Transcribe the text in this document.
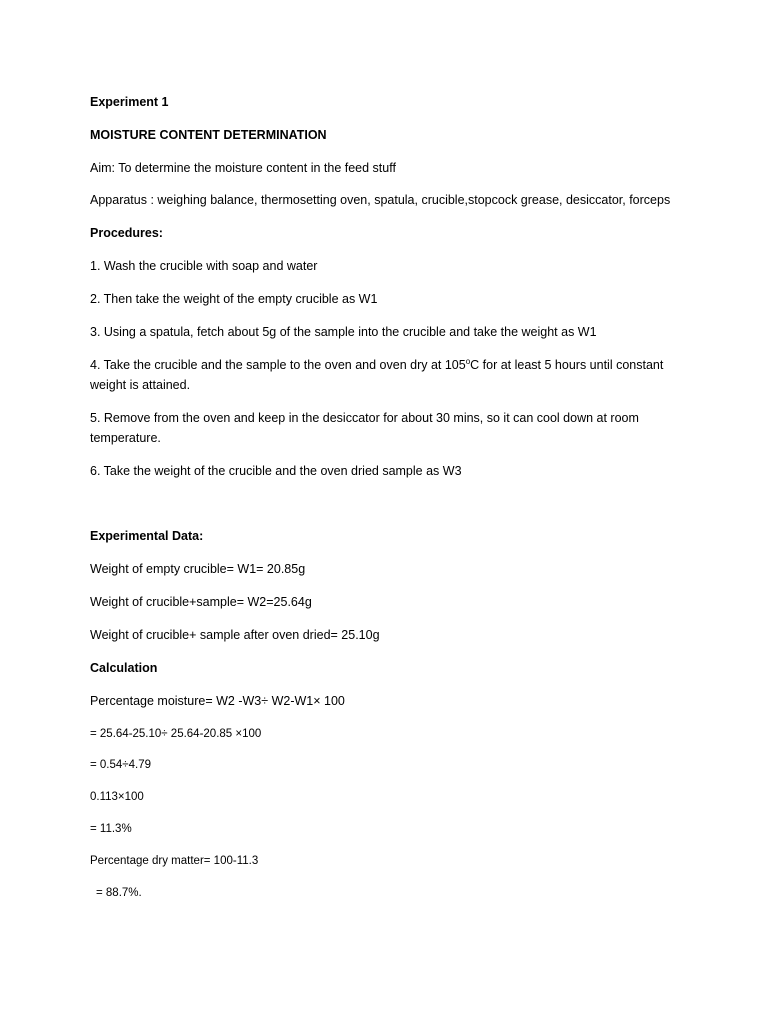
Experiment 1
MOISTURE CONTENT DETERMINATION
Aim: To determine the moisture content in the feed stuff
Apparatus : weighing balance, thermosetting oven, spatula, crucible,stopcock grease, desiccator, forceps
Procedures:
1. Wash the crucible with soap and water
2. Then take the weight of the empty crucible as W1
3. Using a spatula, fetch about 5g of the sample into the crucible and take the weight as W1
4. Take the crucible and the sample to the oven and oven dry at 105$^o$C for at least 5 hours until constant
weight is attained.
5. Remove from the oven and keep in the desiccator for about 30 mins, so it can cool down at room
temperature.
6. Take the weight of the crucible and the oven dried sample as W3
Experimental Data:
Weight of empty crucible= W1= 20.85g
Weight of crucible+sample= W2=25.64g
Weight of crucible+ sample after oven dried= 25.10g
Calculation
Percentage moisture= W2 -W3÷ W2-W1× 100
= 25.64-25.10÷ 25.64-20.85 ×100
= 0.54÷4.79
0.113×100
= 11.3%
Percentage dry matter= 100-11.3
= 88.7%.
